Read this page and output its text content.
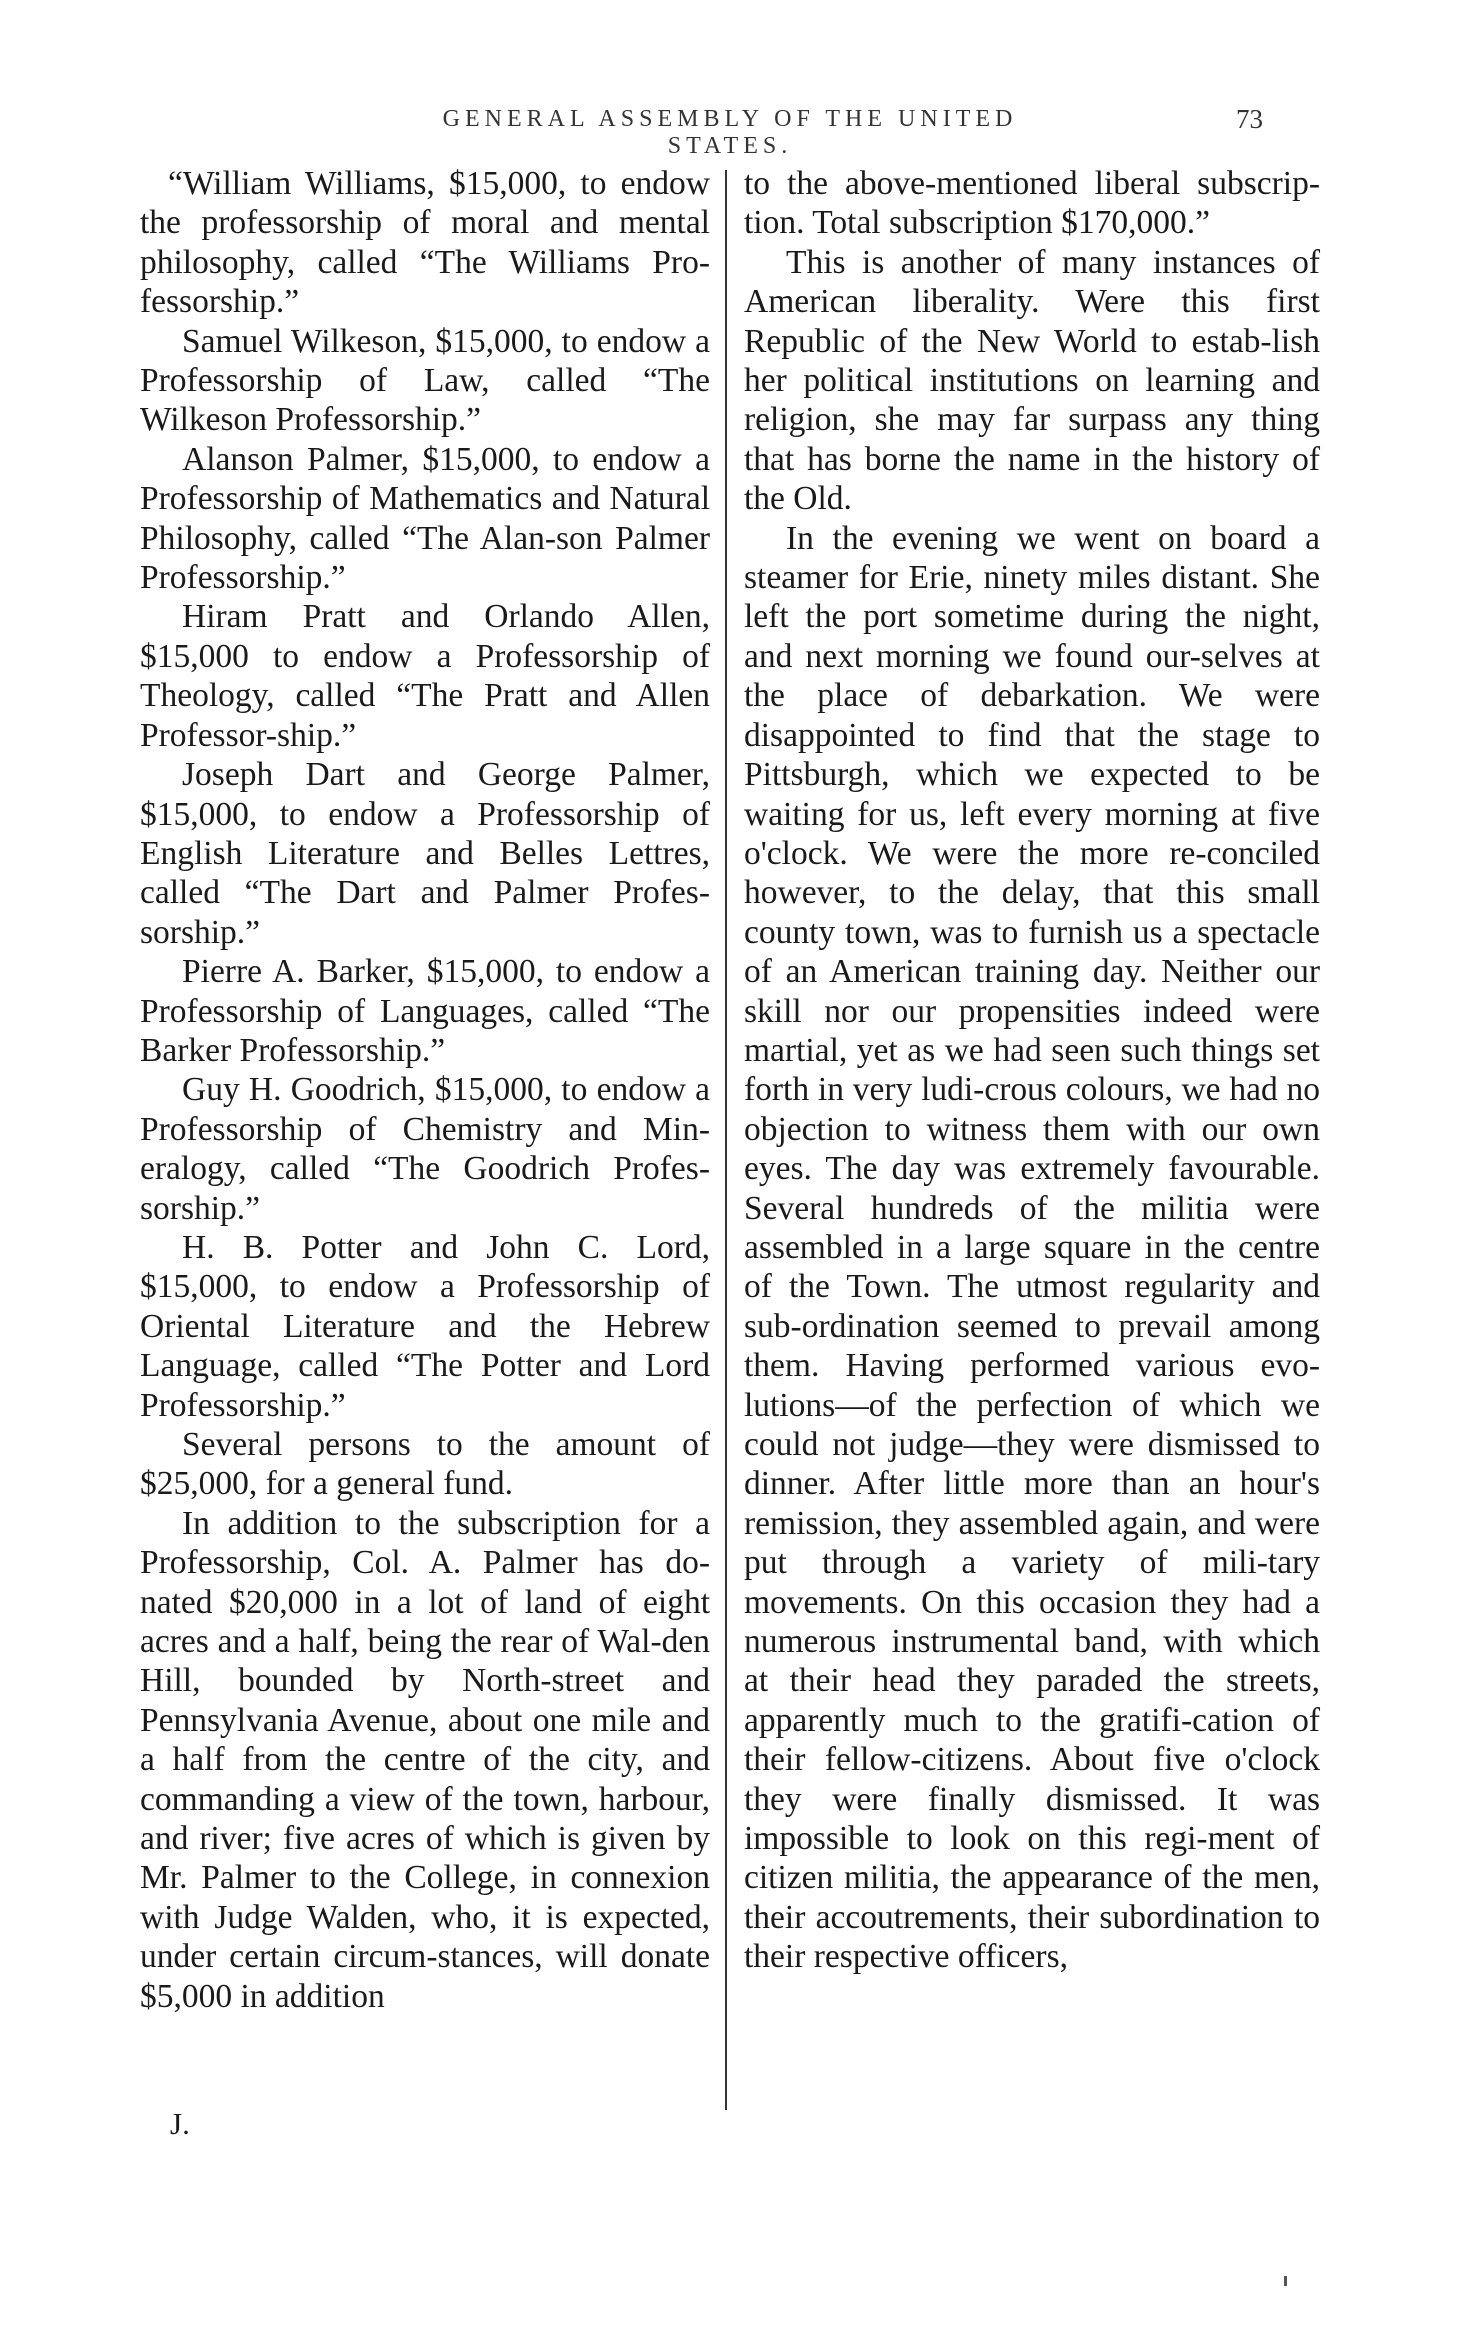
GENERAL ASSEMBLY OF THE UNITED STATES.
73

“William Williams, $15,000, to endow the professorship of moral and mental philosophy, called “The Williams Pro-fessorship.”

Samuel Wilkeson, $15,000, to endow a Professorship of Law, called “The Wilkeson Professorship.”

Alanson Palmer, $15,000, to endow a Professorship of Mathematics and Natural Philosophy, called “The Alan-son Palmer Professorship.”

Hiram Pratt and Orlando Allen, $15,000 to endow a Professorship of Theology, called “The Pratt and Allen Professor-ship.”

Joseph Dart and George Palmer, $15,000, to endow a Professorship of English Literature and Belles Lettres, called “The Dart and Palmer Profes-sorship.”

Pierre A. Barker, $15,000, to endow a Professorship of Languages, called “The Barker Professorship.”

Guy H. Goodrich, $15,000, to endow a Professorship of Chemistry and Min-eralogy, called “The Goodrich Profes-sorship.”

H. B. Potter and John C. Lord, $15,000, to endow a Professorship of Oriental Literature and the Hebrew Language, called “The Potter and Lord Professorship.”

Several persons to the amount of $25,000, for a general fund.

In addition to the subscription for a Professorship, Col. A. Palmer has do-nated $20,000 in a lot of land of eight acres and a half, being the rear of Wal-den Hill, bounded by North-street and Pennsylvania Avenue, about one mile and a half from the centre of the city, and commanding a view of the town, harbour, and river; five acres of which is given by Mr. Palmer to the College, in connexion with Judge Walden, who, it is expected, under certain circum-stances, will donate $5,000 in addition

to the above-mentioned liberal subscrip-tion. Total subscription $170,000.”

This is another of many instances of American liberality. Were this first Republic of the New World to estab-lish her political institutions on learning and religion, she may far surpass any thing that has borne the name in the history of the Old.

In the evening we went on board a steamer for Erie, ninety miles distant. She left the port sometime during the night, and next morning we found our-selves at the place of debarkation. We were disappointed to find that the stage to Pittsburgh, which we expected to be waiting for us, left every morning at five o'clock. We were the more re-conciled however, to the delay, that this small county town, was to furnish us a spectacle of an American training day. Neither our skill nor our propensities indeed were martial, yet as we had seen such things set forth in very ludi-crous colours, we had no objection to witness them with our own eyes. The day was extremely favourable. Several hundreds of the militia were assembled in a large square in the centre of the Town. The utmost regularity and sub-ordination seemed to prevail among them. Having performed various evo-lutions—of the perfection of which we could not judge—they were dismissed to dinner. After little more than an hour's remission, they assembled again, and were put through a variety of mili-tary movements. On this occasion they had a numerous instrumental band, with which at their head they paraded the streets, apparently much to the gratifi-cation of their fellow-citizens. About five o'clock they were finally dismissed. It was impossible to look on this regi-ment of citizen militia, the appearance of the men, their accoutrements, their subordination to their respective officers,

J.
